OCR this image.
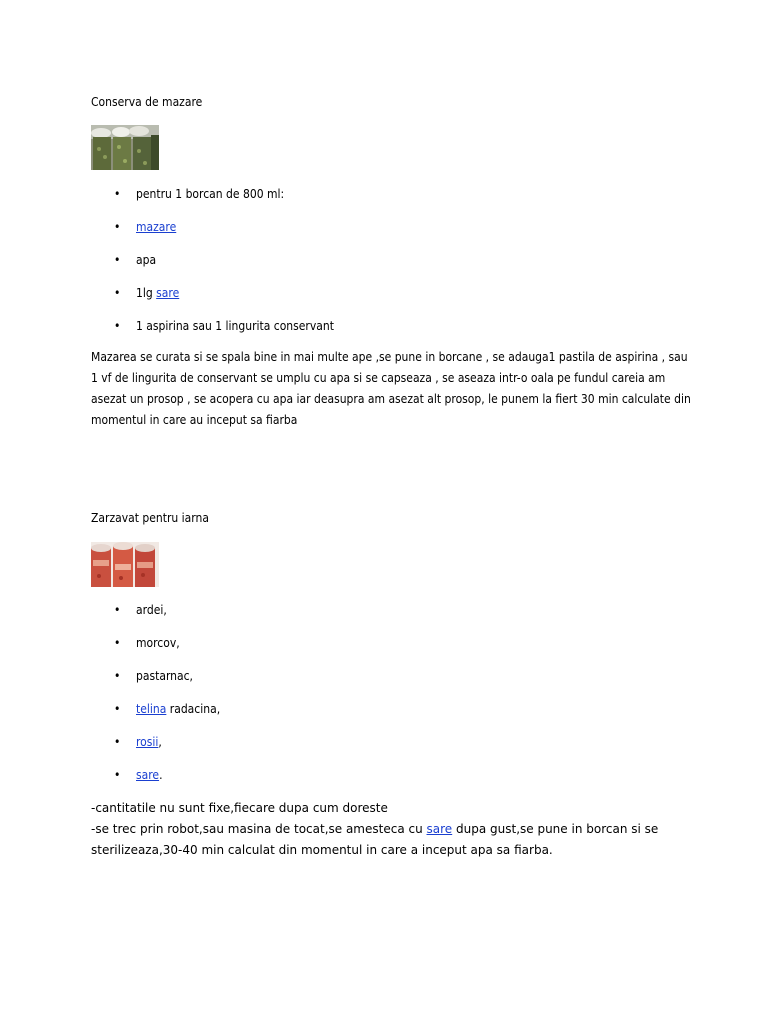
Conserva de mazare
• pentru 1 borcan de 800 ml:
• mazare
• apa
• 1lg sare
• 1 aspirina sau 1 lingurita conservant
Mazarea se curata si se spala bine in mai multe ape ,se pune in borcane , se adauga1 pastila de aspirina , sau 1 vf de lingurita de conservant se umplu cu apa si se capseaza , se aseaza intr-o oala pe fundul careia am asezat un prosop , se acopera cu apa iar deasupra am asezat alt prosop, le punem la fiert 30 min calculate din momentul in care au inceput sa fiarba
Zarzavat pentru iarna
• ardei,
• morcov,
• pastarnac,
• telina radacina,
• rosii,
• sare.
-cantitatile nu sunt fixe,fiecare dupa cum doreste
-se trec prin robot,sau masina de tocat,se amesteca cu sare dupa gust,se pune in borcan si se sterilizeaza,30-40 min calculat din momentul in care a inceput apa sa fiarba.
